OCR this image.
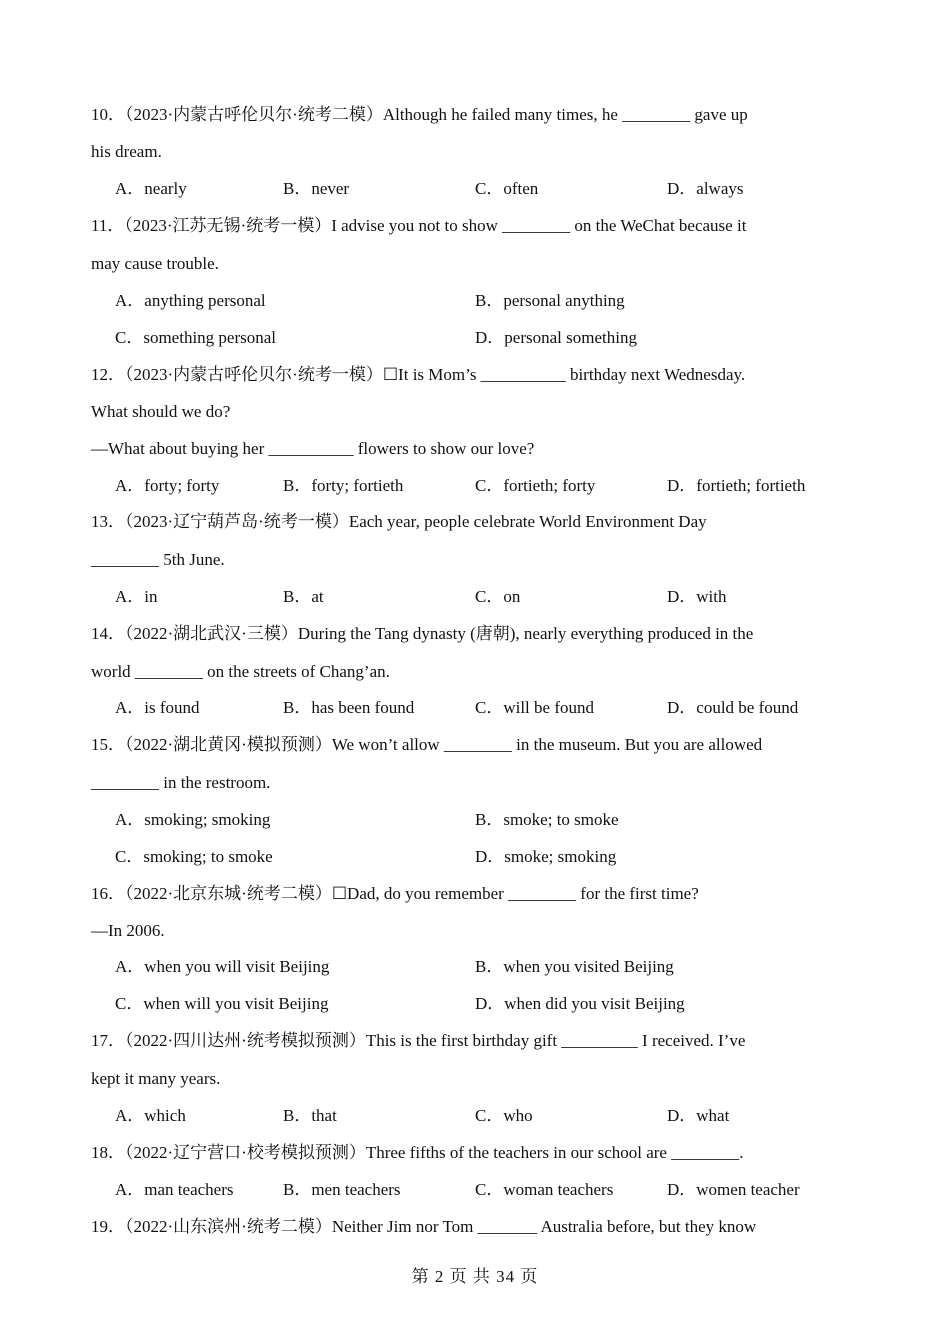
10．（2023·内蒙古呼伦贝尔·统考二模）Although he failed many times, he ________ gave up
his dream.
A．nearly	B．never	C．often	D．always
11．（2023·江苏无锡·统考一模）I advise you not to show ________ on the WeChat because it
may cause trouble.
A．anything personal	B．personal anything
C．something personal	D．personal something
12．（2023·内蒙古呼伦贝尔·统考一模）☐It is Mom’s __________ birthday next Wednesday.
What should we do?
—What about buying her __________ flowers to show our love?
A．forty; forty	B．forty; fortieth	C．fortieth; forty	D．fortieth; fortieth
13．（2023·辽宁葫芦岛·统考一模）Each year, people celebrate World Environment Day
________ 5th June.
A．in	B．at	C．on	D．with
14．（2022·湖北武汉·三模）During the Tang dynasty (唐朝), nearly everything produced in the
world ________ on the streets of Chang’an.
A．is found	B．has been found	C．will be found	D．could be found
15．（2022·湖北黄冈·模拟预测）We won’t allow ________ in the museum. But you are allowed
________ in the restroom.
A．smoking; smoking	B．smoke; to smoke
C．smoking; to smoke	D．smoke; smoking
16．（2022·北京东城·统考二模）☐Dad, do you remember ________ for the first time?
—In 2006.
A．when you will visit Beijing	B．when you visited Beijing
C．when will you visit Beijing	D．when did you visit Beijing
17．（2022·四川达州·统考模拟预测）This is the first birthday gift _________ I received. I’ve
kept it many years.
A．which	B．that	C．who	D．what
18．（2022·辽宁营口·校考模拟预测）Three fifths of the teachers in our school are ________.
A．man teachers	B．men teachers	C．woman teachers	D．women teacher
19．（2022·山东滨州·统考二模）Neither Jim nor Tom _______ Australia before, but they know
第 2 页 共 34 页
